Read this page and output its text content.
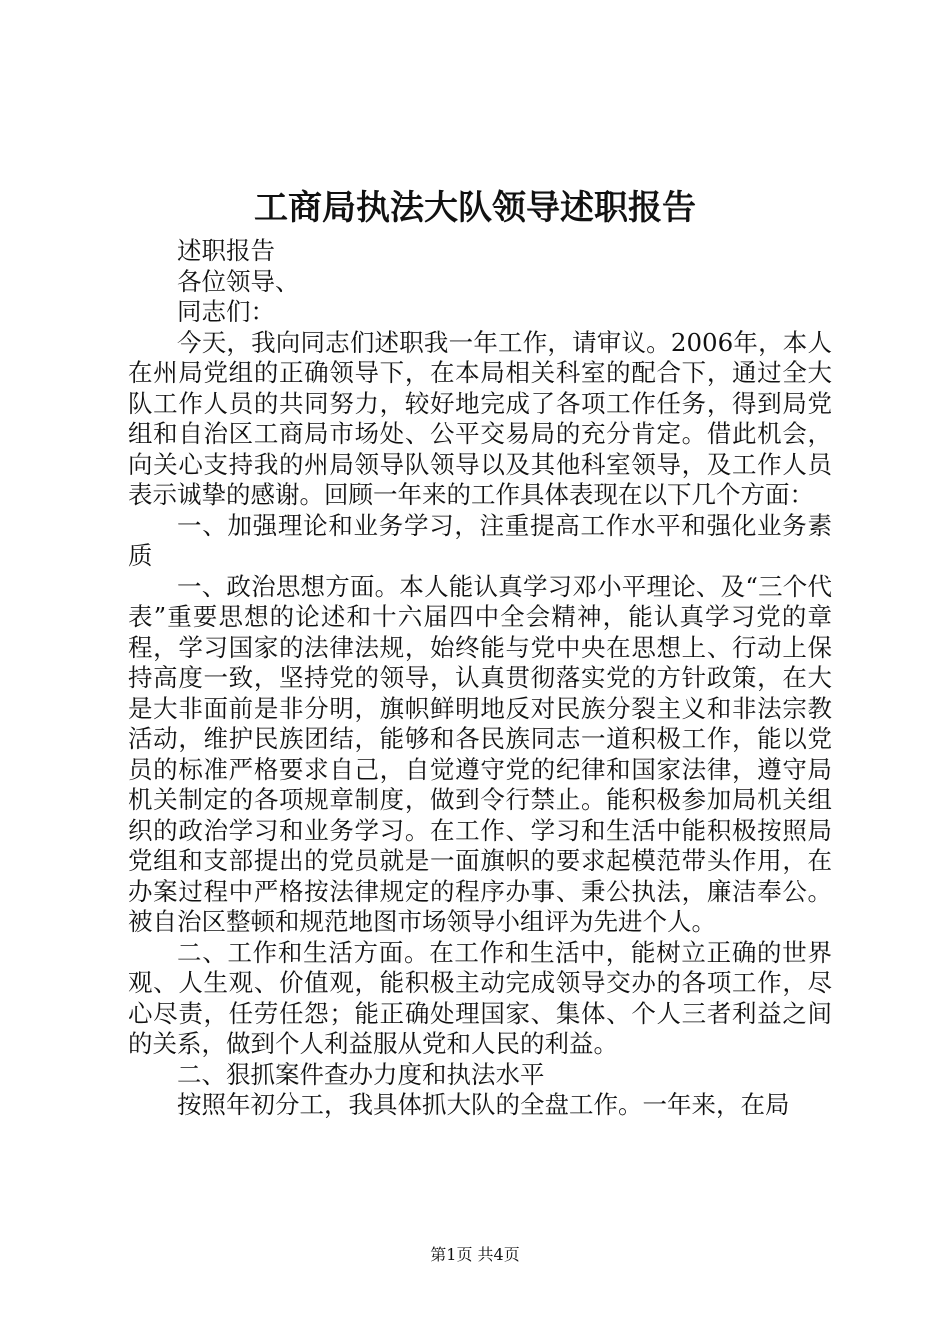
工商局执法大队领导述职报告

述职报告

各位领导、

同志们：

今天，我向同志们述职我一年工作，请审议。2006年，本人在州局党组的正确领导下，在本局相关科室的配合下，通过全大队工作人员的共同努力，较好地完成了各项工作任务，得到局党组和自治区工商局市场处、公平交易局的充分肯定。借此机会，向关心支持我的州局领导队领导以及其他科室领导，及工作人员表示诚挚的感谢。回顾一年来的工作具体表现在以下几个方面：

一、加强理论和业务学习，注重提高工作水平和强化业务素质

一、政治思想方面。本人能认真学习邓小平理论、及“三个代表”重要思想的论述和十六届四中全会精神，能认真学习党的章程，学习国家的法律法规，始终能与党中央在思想上、行动上保持高度一致，坚持党的领导，认真贯彻落实党的方针政策，在大是大非面前是非分明，旗帜鲜明地反对民族分裂主义和非法宗教活动，维护民族团结，能够和各民族同志一道积极工作，能以党员的标准严格要求自己，自觉遵守党的纪律和国家法律，遵守局机关制定的各项规章制度，做到令行禁止。能积极参加局机关组织的政治学习和业务学习。在工作、学习和生活中能积极按照局党组和支部提出的党员就是一面旗帜的要求起模范带头作用，在办案过程中严格按法律规定的程序办事、秉公执法，廉洁奉公。被自治区整顿和规范地图市场领导小组评为先进个人。

二、工作和生活方面。在工作和生活中，能树立正确的世界观、人生观、价值观，能积极主动完成领导交办的各项工作，尽心尽责，任劳任怨；能正确处理国家、集体、个人三者利益之间的关系，做到个人利益服从党和人民的利益。

二、狠抓案件查办力度和执法水平

按照年初分工，我具体抓大队的全盘工作。一年来，在局

第1页 共4页
